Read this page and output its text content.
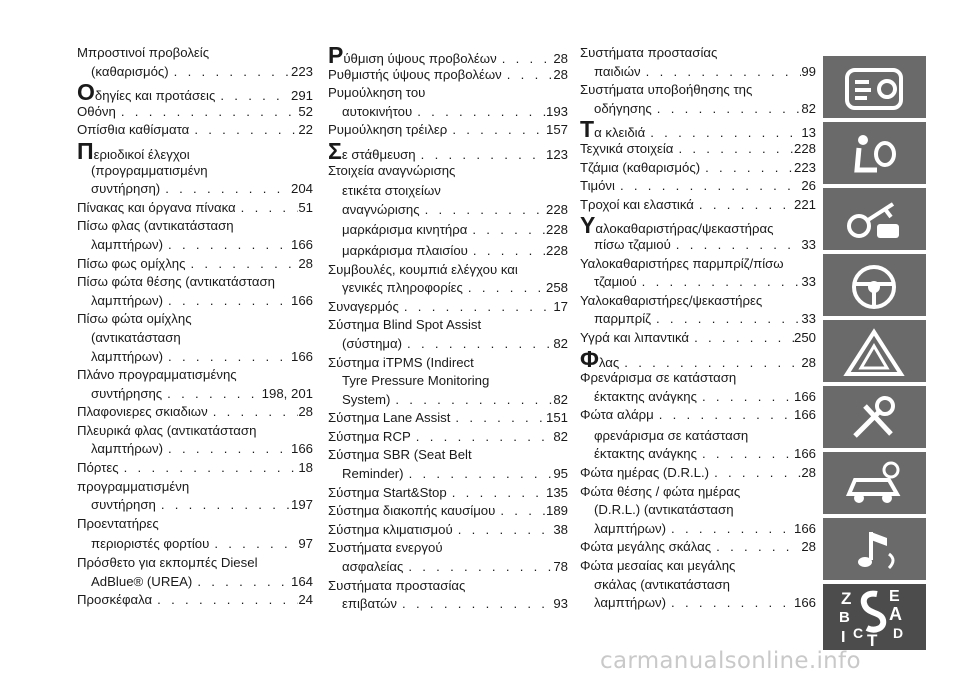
Μπροστινοί προβολείς
(καθαρισμός) . . .	223
Ο δηγίες και προτάσεις . . .	291
Οθόνη . . .	52
Οπίσθια καθίσματα . . .	22
Π εριοδικοί έλεγχοι
(προγραμματισμένη
συντήρηση) . . .	204
Πίνακας και όργανα πίνακα . . .	51
Πίσω φλας (αντικατάσταση
λαμπτήρων) . . .	166
Πίσω φως ομίχλης . . .	28
Πίσω φώτα θέσης (αντικατάσταση
λαμπτήρων) . . .	166
Πίσω φώτα ομίχλης
(αντικατάσταση
λαμπτήρων) . . .	166
Πλάνο προγραμματισμένης
συντήρησης . . .	198, 201
Πλαφονιερες σκιαδιων . . .	28
Πλευρικά φλας (αντικατάσταση
λαμπτήρων) . . .	166
Πόρτες . . .	18
προγραμματισμένη
συντήρηση . . .	197
Προεντατήρες
περιοριστές φορτίου . . .	97
Πρόσθετο για εκπομπές Diesel
AdBlue® (UREA) . . .	164
Προσκέφαλα . . .	24
Ρ ύθμιση ύψους προβολέων . . .	28
Ρυθμιστής ύψους προβολέων . . .	28
Ρυμούλκηση του
αυτοκινήτου . . .	193
Ρυμούλκηση τρέιλερ . . .	157
Σ ε στάθμευση . . .	123
Στοιχεία αναγνώρισης
ετικέτα στοιχείων
αναγνώρισης . . .	228
μαρκάρισμα κινητήρα . . .	228
μαρκάρισμα πλαισίου . . .	228
Συμβουλές, κουμπιά ελέγχου και
γενικές πληροφορίες . . .	258
Συναγερμός . . .	17
Σύστημα Blind Spot Assist
(σύστημα) . . .	82
Σύστημα iTPMS (Indirect
Tyre Pressure Monitoring
System) . . .	82
Σύστημα Lane Assist . . .	151
Σύστημα RCP . . .	82
Σύστημα SBR (Seat Belt
Reminder) . . .	95
Σύστημα Start&Stop . . .	135
Σύστημα διακοπής καυσίμου . . .	189
Σύστημα κλιματισμού . . .	38
Συστήματα ενεργού
ασφαλείας . . .	78
Συστήματα προστασίας
επιβατών . . .	93
Συστήματα προστασίας
παιδιών . . .	99
Συστήματα υποβοήθησης της
οδήγησης . . .	82
Τ α κλειδιά . . .	13
Τεχνικά στοιχεία . . .	228
Τζάμια (καθαρισμός) . . .	223
Τιμόνι . . .	26
Τροχοί και ελαστικά . . .	221
Υ αλοκαθαριστήρας/ψεκαστήρας
πίσω τζαμιού . . .	33
Υαλοκαθαριστήρες παρμπρίζ/πίσω
τζαμιού . . .	33
Υαλοκαθαριστήρες/ψεκαστήρες
παρμπρίζ . . .	33
Υγρά και λιπαντικά . . .	250
Φ λας . . .	28
Φρενάρισμα σε κατάσταση
έκτακτης ανάγκης . . .	166
Φώτα αλάρμ . . .	166
φρενάρισμα σε κατάσταση
έκτακτης ανάγκης . . .	166
Φώτα ημέρας (D.R.L.) . . .	28
Φώτα θέσης / φώτα ημέρας
(D.R.L.) (αντικατάσταση
λαμπτήρων) . . .	166
Φώτα μεγάλης σκάλας . . .	28
Φώτα μεσαίας και μεγάλης
σκάλας (αντικατάσταση
λαμπτήρων) . . .	166 Z E
B A
I C T D
carmanualsonline.info
